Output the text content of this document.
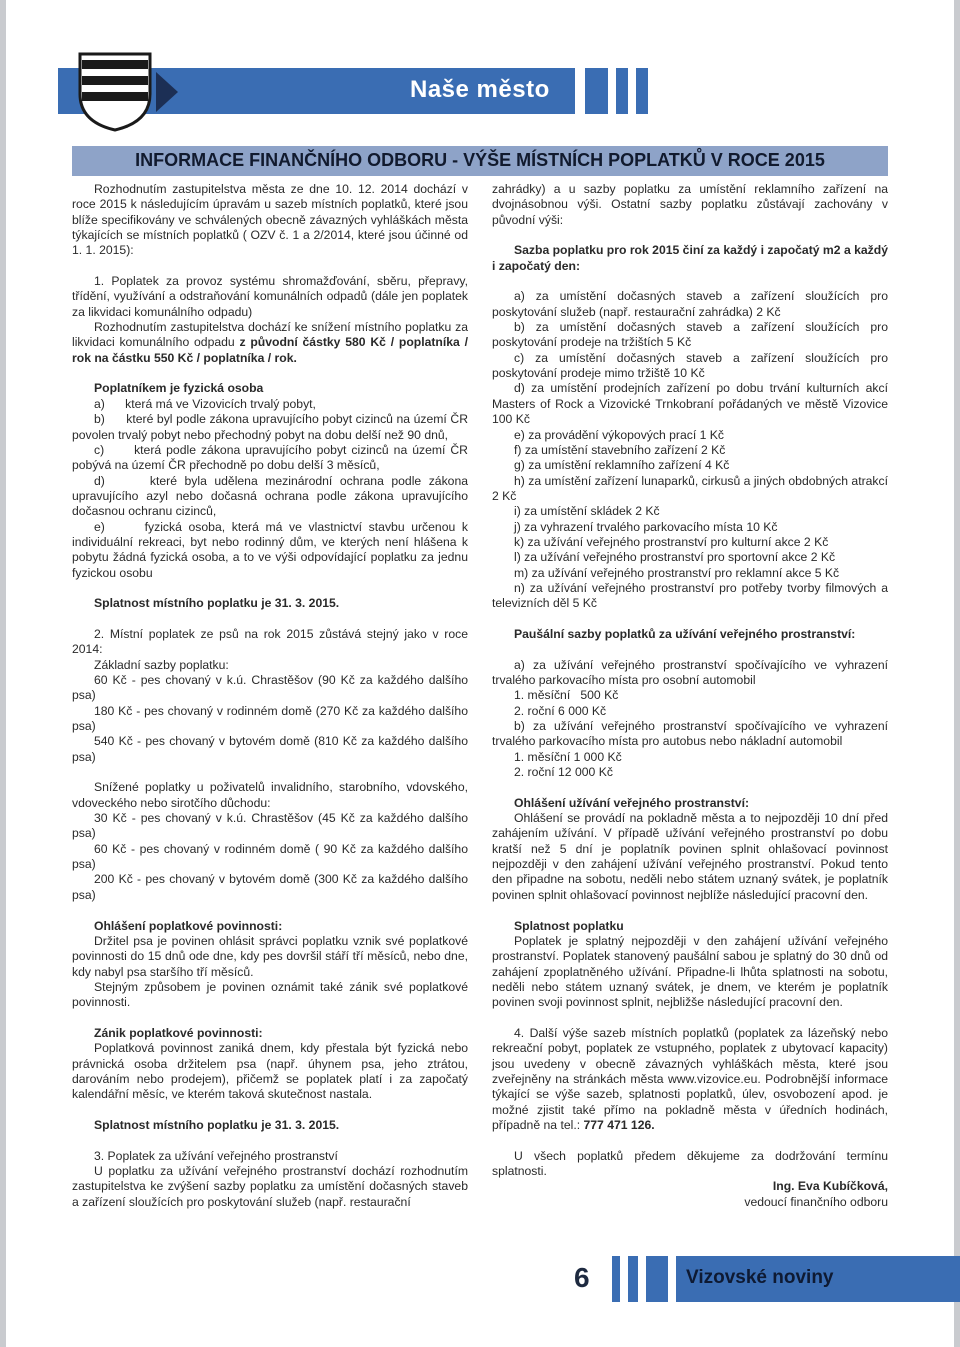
Naše město
INFORMACE FINANČNÍHO ODBORU - VÝŠE MÍSTNÍCH POPLATKŮ V ROCE 2015

Rozhodnutím zastupitelstva města ze dne 10. 12. 2014 dochází v roce 2015 k následujícím úpravám u sazeb místních poplatků, které jsou blíže specifikovány ve schválených obecně závazných vyhláškách města týkajících se místních poplatků ( OZV č. 1 a 2/2014, které jsou účinné od 1. 1. 2015):

1. Poplatek za provoz systému shromažďování, sběru, přepravy, třídění, využívání a odstraňování komunálních odpadů (dále jen poplatek za likvidaci komunálního odpadu)

Rozhodnutím zastupitelstva dochází ke snížení místního poplatku za likvidaci komunálního odpadu z původní částky 580 Kč / poplatníka / rok na částku 550 Kč / poplatníka / rok.

Poplatníkem je fyzická osoba

a)      která má ve Vizovicích trvalý pobyt,

b)      které byl podle zákona upravujícího pobyt cizinců na území ČR povolen trvalý pobyt nebo přechodný pobyt na dobu delší než 90 dnů,

c)      která podle zákona upravujícího pobyt cizinců na území ČR pobývá na území ČR přechodně po dobu delší 3 měsíců,

d)      které byla udělena mezinárodní ochrana podle zákona upravujícího azyl nebo dočasná ochrana podle zákona upravujícího dočasnou ochranu cizinců,

e)      fyzická osoba, která má ve vlastnictví stavbu určenou k individuální rekreaci, byt nebo rodinný dům, ve kterých není hlášena k pobytu žádná fyzická osoba, a to ve výši odpovídající poplatku za jednu fyzickou osobu

Splatnost místního poplatku je 31. 3. 2015.

2. Místní poplatek ze psů na rok 2015 zůstává stejný jako v roce 2014:

Základní sazby poplatku:

60 Kč - pes chovaný v k.ú. Chrastěšov (90 Kč za každého dalšího psa)

180 Kč - pes chovaný v rodinném domě (270 Kč za každého dalšího psa)

540 Kč - pes chovaný v bytovém domě (810 Kč za každého dalšího psa)

Snížené poplatky u poživatelů invalidního, starobního, vdovského, vdoveckého nebo sirotčího důchodu:

30 Kč - pes chovaný v k.ú. Chrastěšov (45 Kč za každého dalšího psa)

60 Kč - pes chovaný v rodinném domě ( 90 Kč za každého dalšího psa)

200 Kč - pes chovaný v bytovém domě (300 Kč za každého dalšího psa)

Ohlášení poplatkové povinnosti:

Držitel psa je povinen ohlásit správci poplatku vznik své poplatkové povinnosti do 15 dnů ode dne, kdy pes dovršil stáří tří měsíců, nebo dne, kdy nabyl psa staršího tří měsíců.

Stejným způsobem je povinen oznámit také zánik své poplatkové povinnosti.

Zánik poplatkové povinnosti:

Poplatková povinnost zaniká dnem, kdy přestala být fyzická nebo právnická osoba držitelem psa (např. úhynem psa, jeho ztrátou, darováním nebo prodejem), přičemž se poplatek platí i za započatý kalendářní měsíc, ve kterém taková skutečnost nastala.

Splatnost místního poplatku je 31. 3. 2015.

3. Poplatek za užívání veřejného prostranství

U poplatku za užívání veřejného prostranství dochází rozhodnutím zastupitelstva ke zvýšení sazby poplatku za umístění dočasných staveb a zařízení sloužících pro poskytování služeb (např. restaurační

zahrádky) a u sazby poplatku za umístění reklamního zařízení na dvojnásobnou výši. Ostatní sazby poplatku zůstávají zachovány v původní výši:

Sazba poplatku pro rok 2015 činí za každý i započatý m2 a každý i započatý den:

a) za umístění dočasných staveb a zařízení sloužících pro poskytování služeb (např. restaurační zahrádka) 2 Kč

b) za umístění dočasných staveb a zařízení sloužících pro poskytování prodeje na tržištích 5 Kč

c) za umístění dočasných staveb a zařízení sloužících pro poskytování prodeje mimo tržiště 10 Kč

d) za umístění prodejních zařízení po dobu trvání kulturních akcí Masters of Rock a Vizovické Trnkobraní pořádaných ve městě Vizovice 100 Kč

e) za provádění výkopových prací 1 Kč

f) za umístění stavebního zařízení 2 Kč

g) za umístění reklamního zařízení 4 Kč

h) za umístění zařízení lunaparků, cirkusů a jiných obdobných atrakcí 2 Kč

i) za umístění skládek 2 Kč

j) za vyhrazení trvalého parkovacího místa 10 Kč

k) za užívání veřejného prostranství pro kulturní akce 2 Kč

l) za užívání veřejného prostranství pro sportovní akce 2 Kč

m) za užívání veřejného prostranství pro reklamní akce 5 Kč

n) za užívání veřejného prostranství pro potřeby tvorby filmových a televizních děl 5 Kč

Paušální sazby poplatků za užívání veřejného prostranství:

a) za užívání veřejného prostranství spočívajícího ve vyhrazení trvalého parkovacího místa pro osobní automobil

1. měsíční   500 Kč

2. roční 6 000 Kč

b) za užívání veřejného prostranství spočívajícího ve vyhrazení trvalého parkovacího místa pro autobus nebo nákladní automobil

1. měsíční 1 000 Kč

2. roční 12 000 Kč

Ohlášení užívání veřejného prostranství:

Ohlášení se provádí na pokladně města a to nejpozději 10 dní před zahájením užívání. V případě užívání veřejného prostranství po dobu kratší než 5 dní je poplatník povinen splnit ohlašovací povinnost nejpozději v den zahájení užívání veřejného prostranství. Pokud tento den připadne na sobotu, neděli nebo státem uznaný svátek, je poplatník povinen splnit ohlašovací povinnost nejblíže následující pracovní den.

Splatnost poplatku

Poplatek je splatný nejpozději v den zahájení užívání veřejného prostranství. Poplatek stanovený paušální sabou je splatný do 30 dnů od zahájení zpoplatněného užívání. Připadne-li lhůta splatnosti na sobotu, neděli nebo státem uznaný svátek, je dnem, ve kterém je poplatník povinen svoji povinnost splnit, nejbližše následující pracovní den.

4. Další výše sazeb místních poplatků (poplatek za lázeňský nebo rekreační pobyt, poplatek ze vstupného, poplatek z ubytovací kapacity) jsou uvedeny v obecně závazných vyhláškách města, které jsou zveřejněny na stránkách města www.vizovice.eu. Podrobnější informace týkající se výše sazeb, splatnosti poplatků, úlev, osvobození apod. je možné zjistit také přímo na pokladně města v úředních hodinách, případně na tel.: 777 471 126.

U všech poplatků předem děkujeme za dodržování termínu splatnosti.

Ing. Eva Kubíčková,

vedoucí finančního odboru

6	Vizovské noviny
